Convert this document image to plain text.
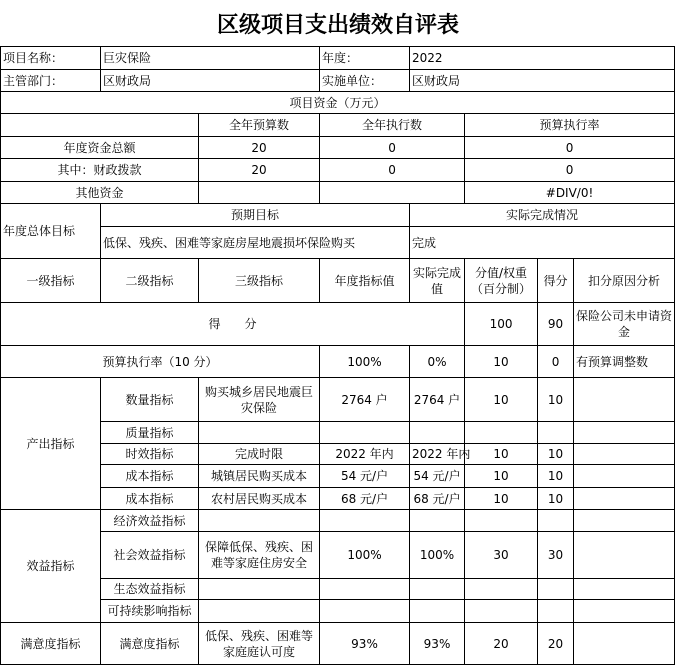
区级项目支出绩效自评表
项目名称：	巨灾保险		年度：	2022			
主管部门：	区财政局		实施单位：	区财政局			
项目资金（万元）							
		全年预算数	全年执行数		预算执行率		
年度资金总额		20	0		0		
其中：财政拨款		20	0		0		
其他资金					#DIV/0!		
年度总体目标	预期目标			实际完成情况			
	低保、残疾、困难等家庭房屋地震损坏保险购买			完成			
一级指标	二级指标	三级指标	年度指标值	实际完成值	分值/权重（百分制）	得分	扣分原因分析
得　　分					100	90	保险公司未申请资金
预算执行率（10 分）			100%	0%	10	0	有预算调整数
产出指标	数量指标	购买城乡居民地震巨灾保险	2764 户	2764 户	10	10	
	质量指标						
	时效指标	完成时限	2022 年内	2022 年内	10	10	
	成本指标	城镇居民购买成本	54 元/户	54 元/户	10	10	
	成本指标	农村居民购买成本	68 元/户	68 元/户	10	10	
效益指标	经济效益指标						
	社会效益指标	保障低保、残疾、困难等家庭住房安全	100%	100%	30	30	
	生态效益指标						
	可持续影响指标						
满意度指标	满意度指标	低保、残疾、困难等家庭庭认可度	93%	93%	20	20	
